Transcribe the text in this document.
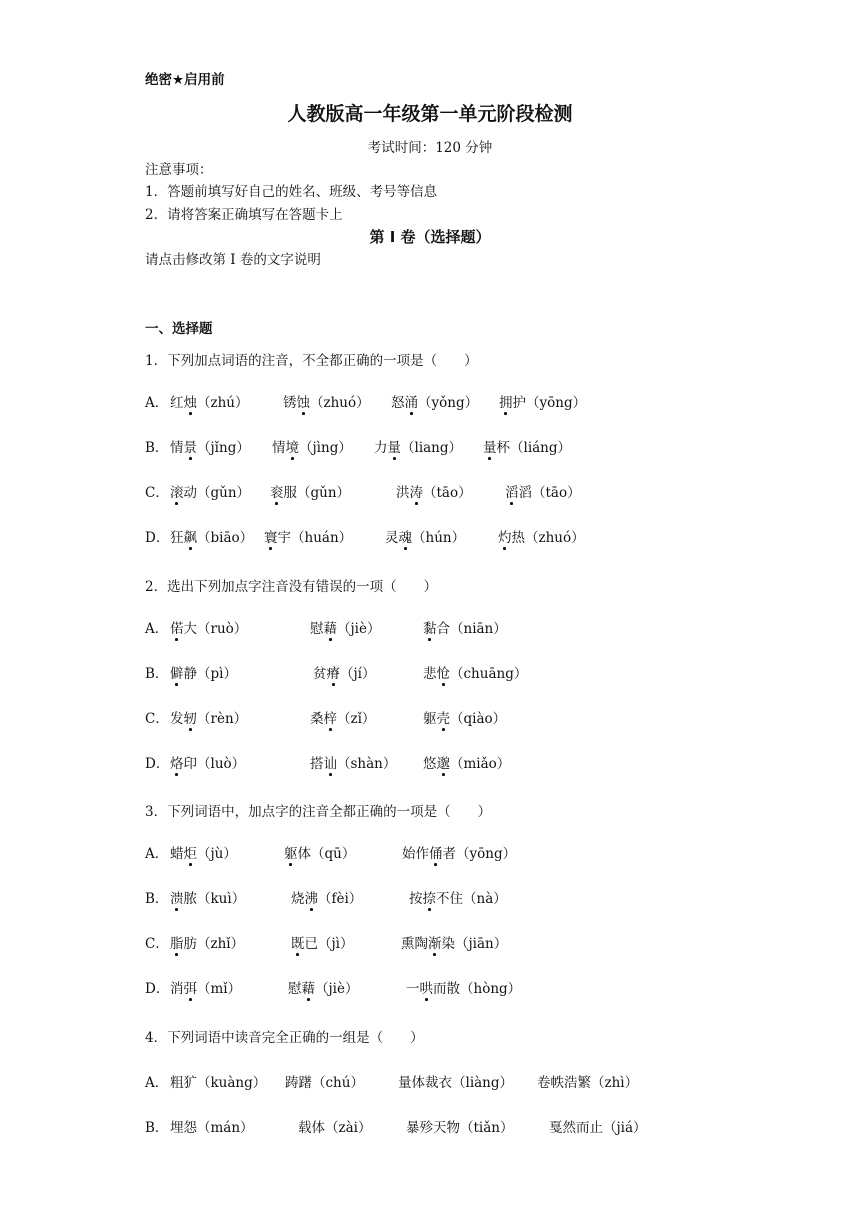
绝密★启用前
人教版高一年级第一单元阶段检测
考试时间：120 分钟
注意事项：
1．答题前填写好自己的姓名、班级、考号等信息
2．请将答案正确填写在答题卡上
第 I 卷（选择题）
请点击修改第 I 卷的文字说明
一、选择题
1．下列加点词语的注音，不全都正确的一项是（　　）
A． 红烛（zhú）	锈蚀（zhuó） 怒涌（yǒng） 拥护（yōng）
B． 情景（jǐng） 情境（jìng） 力量（liang） 量杯（liáng）
C． 滚动（gǔn） 衮服（gǔn）	洪涛（tāo） 滔滔（tāo）
D． 狂飙（biāo） 寰宇（huán） 灵魂（hún） 灼热（zhuó）
2．选出下列加点字注音没有错误的一项（　　）
A． 偌大（ruò）	慰藉（jiè）	黏合（niān）
B． 僻静（pì）	贫瘠（jí）	悲怆（chuāng）
C． 发轫（rèn）	桑梓（zǐ）	躯壳（qiào）
D． 烙印（luò）	搭讪（shàn） 悠邈（miǎo）
3．下列词语中，加点字的注音全都正确的一项是（　　）
A． 蜡炬（jù）	躯体（qū）	始作俑者（yōng）
B． 溃脓（kuì）	烧沸（fèi）	按捺不住（nà）
C． 脂肪（zhǐ）	既已（jì）	熏陶渐染（jiān）
D． 消弭（mǐ）	慰藉（jiè）	一哄而散（hòng）
4．下列词语中读音完全正确的一组是（　　）
A． 粗犷（kuàng） 踌躇（chú）	量体裁衣（liàng） 卷帙浩繁（zhì）
B． 埋怨（mán）	载体（zài）	暴殄天物（tiǎn）	戛然而止（jiá）
